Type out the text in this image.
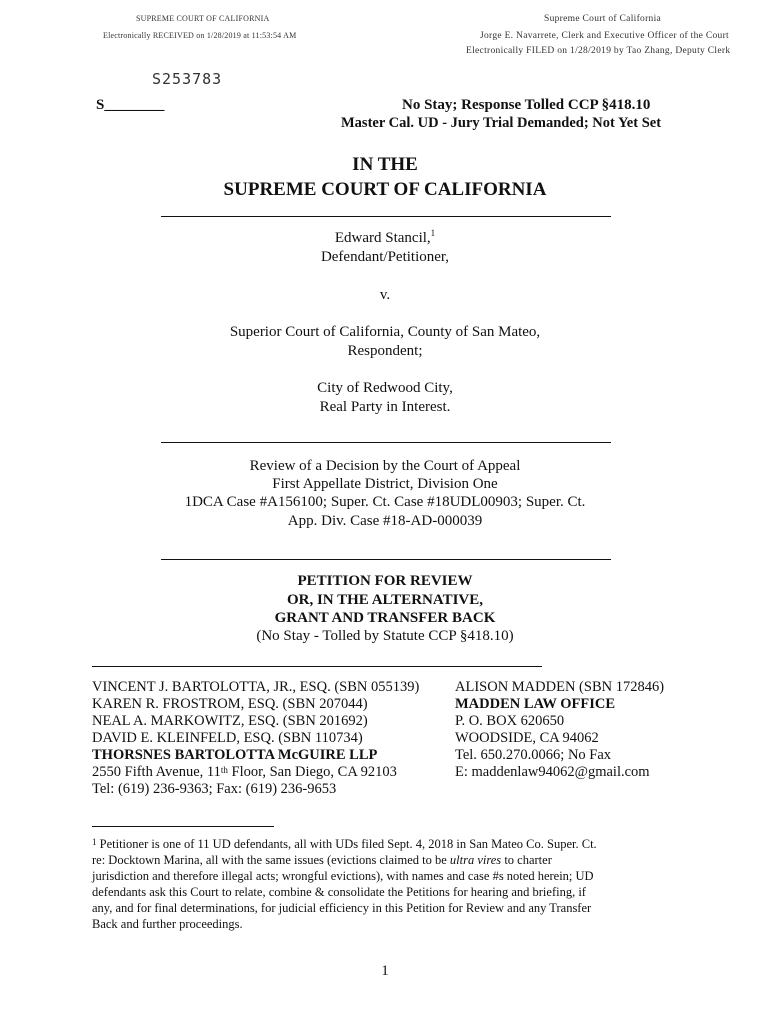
SUPREME COURT OF CALIFORNIA
Electronically RECEIVED on 1/28/2019 at 11:53:54 AM
Supreme Court of California
Jorge E. Navarrete, Clerk and Executive Officer of the Court
Electronically FILED on 1/28/2019 by Tao Zhang, Deputy Clerk
S253783
S________	No Stay; Response Tolled CCP §418.10
Master Cal. UD - Jury Trial Demanded; Not Yet Set
IN THE
SUPREME COURT OF CALIFORNIA
Edward Stancil,$^1$
Defendant/Petitioner,
v.
Superior Court of California, County of San Mateo,
Respondent;
City of Redwood City,
Real Party in Interest.
Review of a Decision by the Court of Appeal
First Appellate District, Division One
1DCA Case #A156100; Super. Ct. Case #18UDL00903; Super. Ct.
App. Div. Case #18-AD-000039
PETITION FOR REVIEW
OR, IN THE ALTERNATIVE,
GRANT AND TRANSFER BACK
(No Stay - Tolled by Statute CCP §418.10)
VINCENT J. BARTOLOTTA, JR., ESQ. (SBN 055139)
KAREN R. FROSTROM, ESQ. (SBN 207044)
NEAL A. MARKOWITZ, ESQ. (SBN 201692)
DAVID E. KLEINFELD, ESQ. (SBN 110734)
THORSNES BARTOLOTTA McGUIRE LLP
2550 Fifth Avenue, 11th Floor, San Diego, CA 92103
Tel: (619) 236-9363; Fax: (619) 236-9653
ALISON MADDEN (SBN 172846)
MADDEN LAW OFFICE
P. O. BOX 620650
WOODSIDE, CA 94062
Tel. 650.270.0066; No Fax
E: maddenlaw94062@gmail.com
$^1$ Petitioner is one of 11 UD defendants, all with UDs filed Sept. 4, 2018 in San Mateo Co. Super. Ct.
re: Docktown Marina, all with the same issues (evictions claimed to be ultra vires to charter
jurisdiction and therefore illegal acts; wrongful evictions), with names and case #s noted herein; UD
defendants ask this Court to relate, combine & consolidate the Petitions for hearing and briefing, if
any, and for final determinations, for judicial efficiency in this Petition for Review and any Transfer
Back and further proceedings.
1
